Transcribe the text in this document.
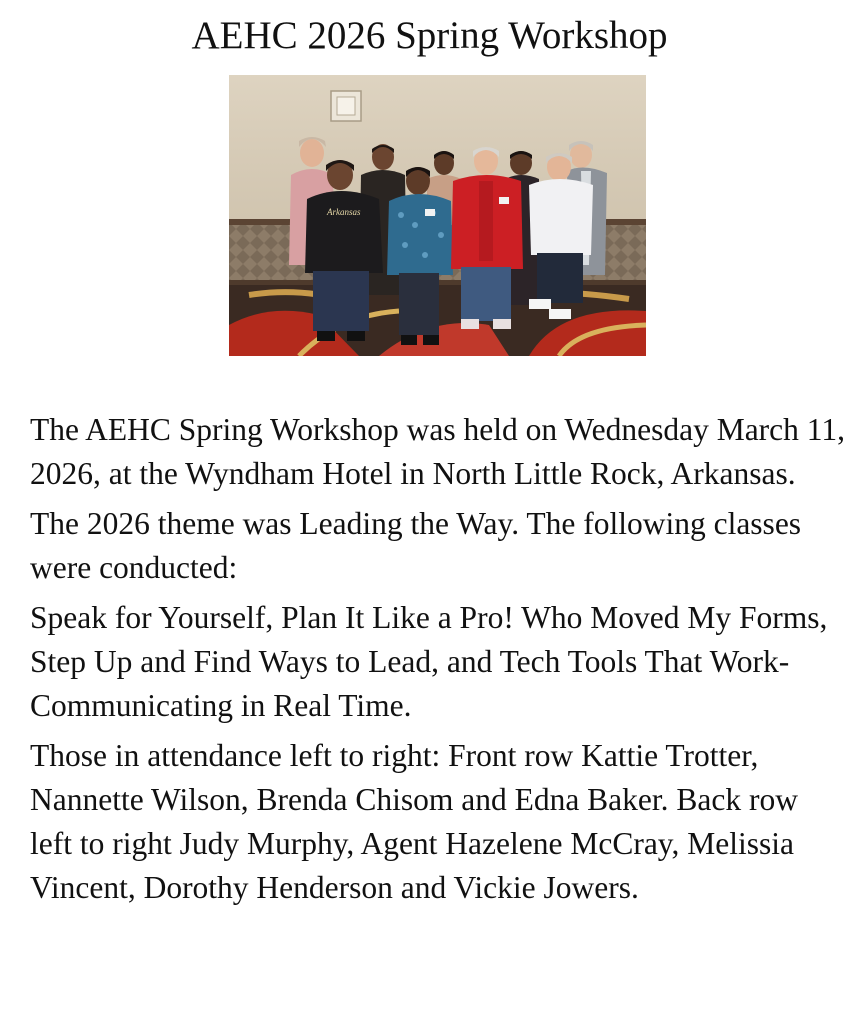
AEHC 2026 Spring Workshop
Arkansas

The AEHC Spring Workshop was held on Wednesday March 11, 2026, at the Wyndham Hotel in North Little Rock, Arkansas.

The 2026 theme was Leading the Way. The following classes were conducted:

Speak for Yourself, Plan It Like a Pro! Who Moved My Forms, Step Up and Find Ways to Lead, and Tech Tools That Work- Communicating in Real Time.

Those in attendance left to right: Front row Kattie Trotter, Nannette Wilson, Brenda Chisom and Edna Baker. Back row left to right Judy Murphy, Agent Hazelene McCray, Melissia Vincent, Dorothy Henderson and Vickie Jowers.
